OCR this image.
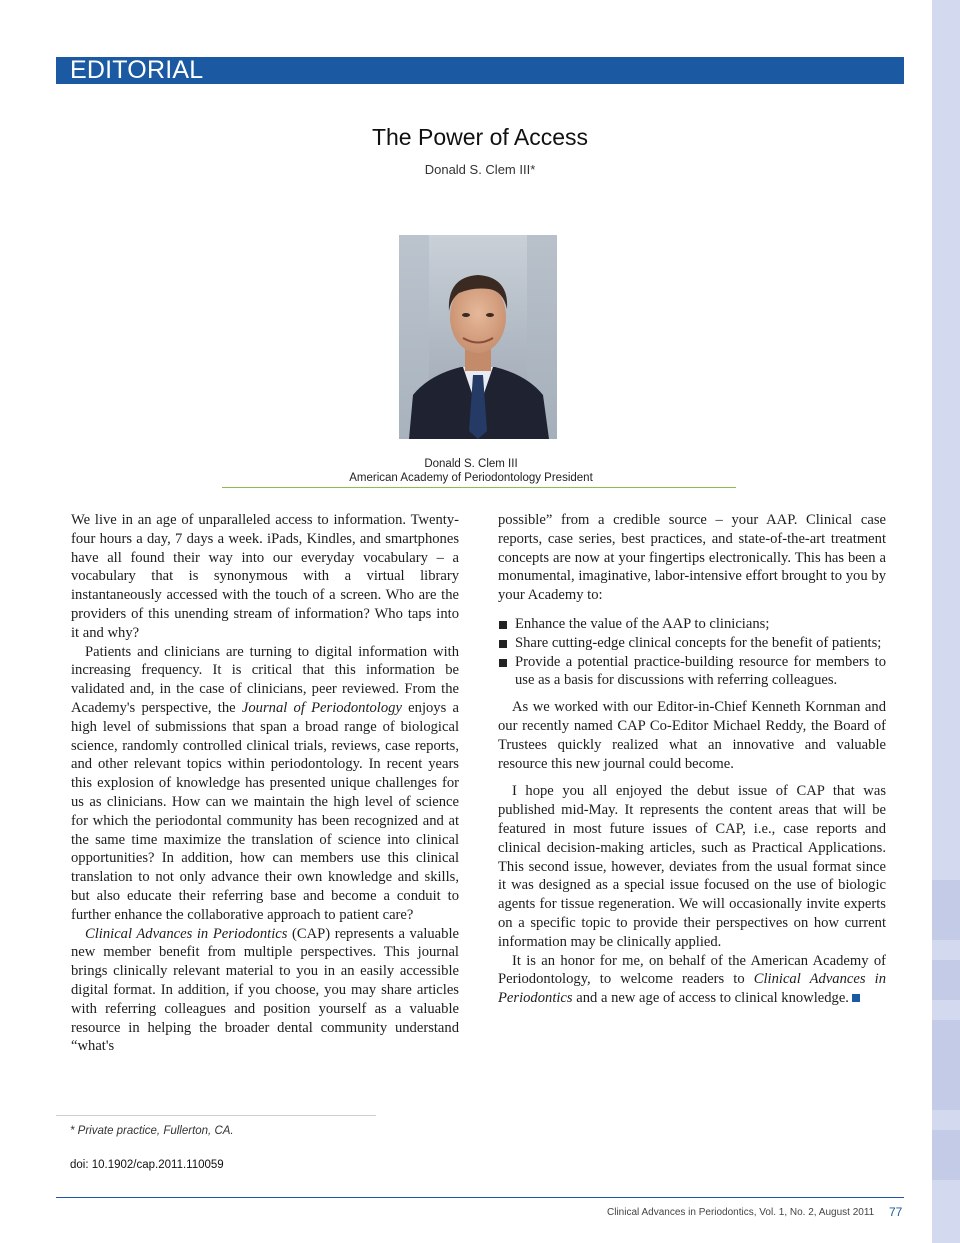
EDITORIAL
The Power of Access
Donald S. Clem III*
Donald S. Clem III
American Academy of Periodontology President

We live in an age of unparalleled access to information. Twenty-four hours a day, 7 days a week. iPads, Kindles, and smartphones have all found their way into our everyday vocabulary – a vocabulary that is synonymous with a virtual library instantaneously accessed with the touch of a screen. Who are the providers of this unending stream of information? Who taps into it and why?

Patients and clinicians are turning to digital information with increasing frequency. It is critical that this information be validated and, in the case of clinicians, peer reviewed. From the Academy's perspective, the Journal of Periodontology enjoys a high level of submissions that span a broad range of biological science, randomly controlled clinical trials, reviews, case reports, and other relevant topics within periodontology. In recent years this explosion of knowledge has presented unique challenges for us as clinicians. How can we maintain the high level of science for which the periodontal community has been recognized and at the same time maximize the translation of science into clinical opportunities? In addition, how can members use this clinical translation to not only advance their own knowledge and skills, but also educate their referring base and become a conduit to further enhance the collaborative approach to patient care?

Clinical Advances in Periodontics (CAP) represents a valuable new member benefit from multiple perspectives. This journal brings clinically relevant material to you in an easily accessible digital format. In addition, if you choose, you may share articles with referring colleagues and position yourself as a valuable resource in helping the broader dental community understand “what's

possible” from a credible source – your AAP. Clinical case reports, case series, best practices, and state-of-the-art treatment concepts are now at your fingertips electronically. This has been a monumental, imaginative, labor-intensive effort brought to you by your Academy to:

Enhance the value of the AAP to clinicians;
Share cutting-edge clinical concepts for the benefit of patients;
Provide a potential practice-building resource for members to use as a basis for discussions with referring colleagues.

As we worked with our Editor-in-Chief Kenneth Kornman and our recently named CAP Co-Editor Michael Reddy, the Board of Trustees quickly realized what an innovative and valuable resource this new journal could become.

I hope you all enjoyed the debut issue of CAP that was published mid-May. It represents the content areas that will be featured in most future issues of CAP, i.e., case reports and clinical decision-making articles, such as Practical Applications. This second issue, however, deviates from the usual format since it was designed as a special issue focused on the use of biologic agents for tissue regeneration. We will occasionally invite experts on a specific topic to provide their perspectives on how current information may be clinically applied.

It is an honor for me, on behalf of the American Academy of Periodontology, to welcome readers to Clinical Advances in Periodontics and a new age of access to clinical knowledge.

* Private practice, Fullerton, CA.
doi: 10.1902/cap.2011.110059
Clinical Advances in Periodontics, Vol. 1, No. 2, August 2011 77
